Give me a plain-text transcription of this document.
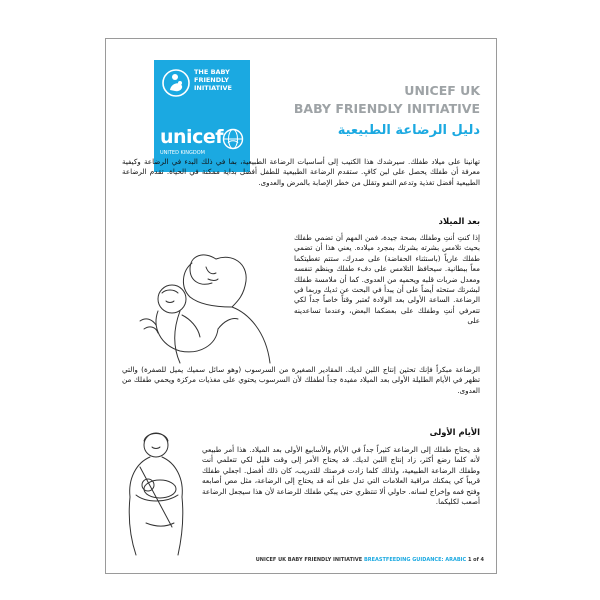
THE BABY
FRIENDLY
INITIATIVE
unicef
UNITED KINGDOM
UNICEF UK
BABY FRIENDLY INITIATIVE
دليل الرضاعة الطبيعية

تهانينا على ميلاد طفلك. سيرشدك هذا الكتيب إلى أساسيات الرضاعة الطبيعية، بما في ذلك البدء في الرضاعة وكيفية معرفة أن طفلك يحصل على لبن كافٍ. ستقدم الرضاعة الطبيعية للطفل أفضل بداية ممكنة في الحياة. تقدم الرضاعة الطبيعية أفضل تغذية وتدعم النمو وتقلل من خطر الإصابة بالمرض والعدوى.

بعد الميلاد

إذا كنتِ أنتِ وطفلك بصحة جيدة، فمن المهم أن تضمي طفلك بحيث تلامس بشرته بشرتك بمجرد ميلاده. يعني هذا أن تضمي طفلك عارياً (باستثناء الحفاضة) على صدرك، ستتم تغطيتكما معاً ببطانية. سيحافظ التلامس على دفء طفلك وينظم تنفسه ومعدل ضربات قلبه ويحميه من العدوى. كما أن ملامسة طفلك لبشرتك ستحثه أيضاً على أن يبدأ في البحث عن ثديك وربما في الرضاعة. الساعة الأولى بعد الولادة تُعتبر وقتاً خاصاً جداً لكي تتعرفي أنتِ وطفلك على بعضكما البعض، وعندما تساعدينه على

الرضاعة مبكراً فإنك تحثين إنتاج اللبن لديك. المقادير الصغيرة من السرسوب (وهو سائل سميك يميل للصفرة) والتي تظهر في الأيام الطليلة الأولى بعد الميلاد مفيدة جداً لطفلك لأن السرسوب يحتوي على مغذيات مركزة ويحمي طفلك من العدوى.

الأيام الأولى

قد يحتاج طفلك إلى الرضاعة كثيراً جداً في الأيام والأسابيع الأولى بعد الميلاد. هذا أمر طبيعي لأنه كلما رضع أكثر، زاد إنتاج اللبن لديك. قد يحتاج الأمر إلى وقت قليل لكي تتعلمي أنت وطفلك الرضاعة الطبيعية، ولذلك كلما زادت فرصتك للتدريب، كان ذلك أفضل. اجعلي طفلك قريباً كي يمكنك مراقبة العلامات التي تدل على أنه قد يحتاج إلى الرضاعة، مثل مص أصابعه وفتح فمه وإخراج لسانه. حاولي ألا تنتظري حتى يبكي طفلك للرضاعة لأن هذا سيجعل الرضاعة أصعب لكليكما.

UNICEF UK BABY FRIENDLY INITIATIVE BREASTFEEDING GUIDANCE: ARABIC 1 of 4
